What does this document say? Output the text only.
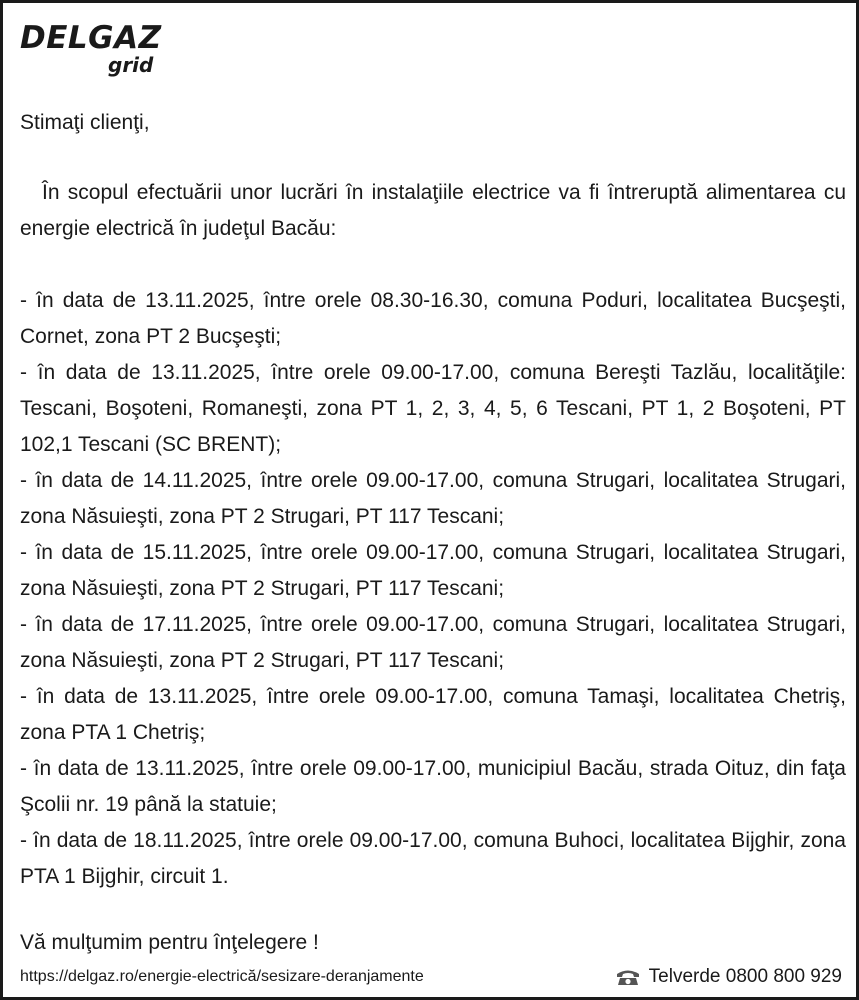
DELGAZ
grid

Stimaţi clienţi,

În scopul efectuării unor lucrări în instalaţiile electrice va fi întreruptă alimentarea cu energie electrică în judeţul Bacău:

- în data de 13.11.2025, între orele 08.30-16.30, comuna Poduri, localitatea Bucşeşti, Cornet, zona PT 2 Bucşeşti;
- în data de 13.11.2025, între orele 09.00-17.00, comuna Bereşti Tazlău, localităţile: Tescani, Boşoteni, Romaneşti, zona PT 1, 2, 3, 4, 5, 6 Tescani, PT 1, 2 Boşoteni, PT 102,1 Tescani (SC BRENT);
- în data de 14.11.2025, între orele 09.00-17.00, comuna Strugari, localitatea Strugari, zona Năsuieşti, zona PT 2 Strugari, PT 117 Tescani;
- în data de 15.11.2025, între orele 09.00-17.00, comuna Strugari, localitatea Strugari, zona Năsuieşti, zona PT 2 Strugari, PT 117 Tescani;
- în data de 17.11.2025, între orele 09.00-17.00, comuna Strugari, localitatea Strugari, zona Năsuieşti, zona PT 2 Strugari, PT 117 Tescani;
- în data de 13.11.2025, între orele 09.00-17.00, comuna Tamaşi, localitatea Chetriş, zona PTA 1 Chetriş;
- în data de 13.11.2025, între orele 09.00-17.00, municipiul Bacău, strada Oituz, din faţa Şcolii nr. 19 până la statuie;
- în data de 18.11.2025, între orele 09.00-17.00, comuna Buhoci, localitatea Bijghir, zona PTA 1 Bijghir, circuit 1.

Vă mulţumim pentru înţelegere !

https://delgaz.ro/energie-electrică/sesizare-deranjamente	Telverde 0800 800 929
